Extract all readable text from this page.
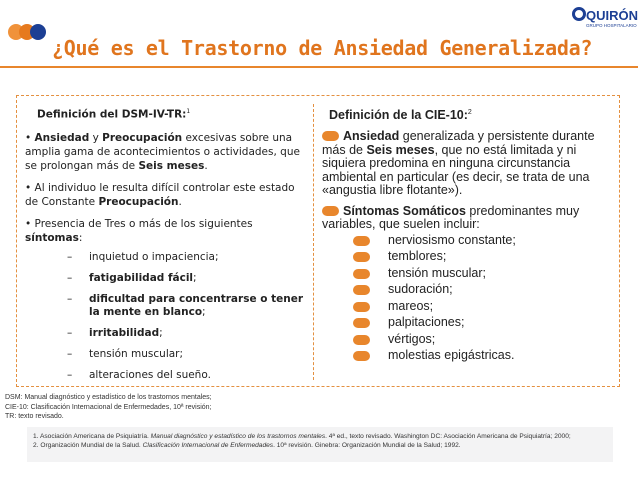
QUIRÓN
GRUPO HOSPITALARIO
¿Qué es el Trastorno de Ansiedad Generalizada?
Definición del DSM-IV-TR:$^1$
• Ansiedad y Preocupación excesivas sobre una amplia gama de acontecimientos o actividades, que se prolongan más de Seis meses.
• Al individuo le resulta difícil controlar este estado de Constante Preocupación.
• Presencia de Tres o más de los siguientes síntomas:
– inquietud o impaciencia;
– fatigabilidad fácil;
– dificultad para concentrarse o tener la mente en blanco;
– irritabilidad;
– tensión muscular;
– alteraciones del sueño.
Definición de la CIE-10:$^2$
Ansiedad generalizada y persistente durante más de Seis meses, que no está limitada y ni siquiera predomina en ninguna circunstancia ambiental en particular (es decir, se trata de una «angustia libre flotante»).
Síntomas Somáticos predominantes muy variables, que suelen incluir:
nerviosismo constante;
temblores;
tensión muscular;
sudoración;
mareos;
palpitaciones;
vértigos;
molestias epigástricas.
DSM: Manual diagnóstico y estadístico de los trastornos mentales;
CIE-10: Clasificación Internacional de Enfermedades, 10ª revisión;
TR: texto revisado.
1. Asociación Americana de Psiquiatría. Manual diagnóstico y estadístico de los trastornos mentales. 4ª ed., texto revisado. Washington DC: Asociación Americana de Psiquiatría; 2000;
2. Organización Mundial de la Salud. Clasificación Internacional de Enfermedades. 10ª revisión. Ginebra: Organización Mundial de la Salud; 1992.
